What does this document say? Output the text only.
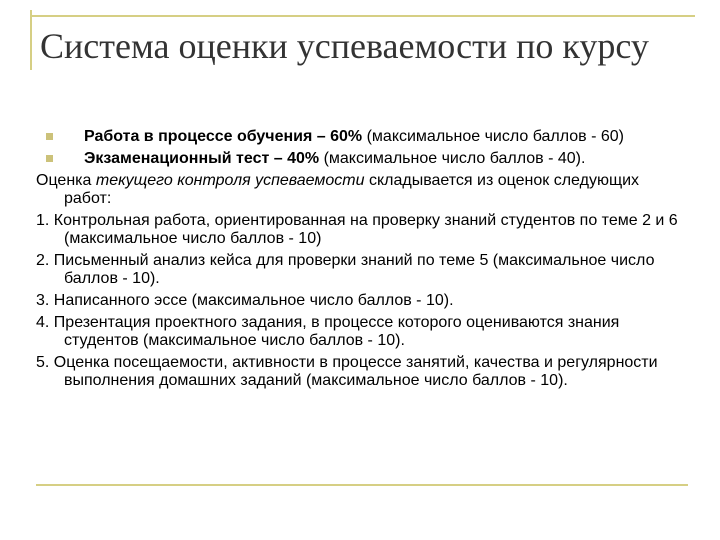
Система оценки успеваемости по курсу
Работа в процессе обучения – 60% (максимальное число баллов - 60)
Экзаменационный тест – 40% (максимальное число баллов - 40).
Оценка текущего контроля успеваемости складывается из оценок следующих работ:
1. Контрольная работа, ориентированная на проверку знаний студентов по теме 2 и 6 (максимальное число баллов - 10)
2. Письменный анализ кейса для проверки знаний по теме 5 (максимальное число баллов - 10).
3. Написанного эссе (максимальное число баллов - 10).
4. Презентация проектного задания, в процессе которого оцениваются знания студентов (максимальное число баллов - 10).
5. Оценка посещаемости, активности в процессе занятий, качества и регулярности выполнения домашних заданий (максимальное число баллов - 10).
